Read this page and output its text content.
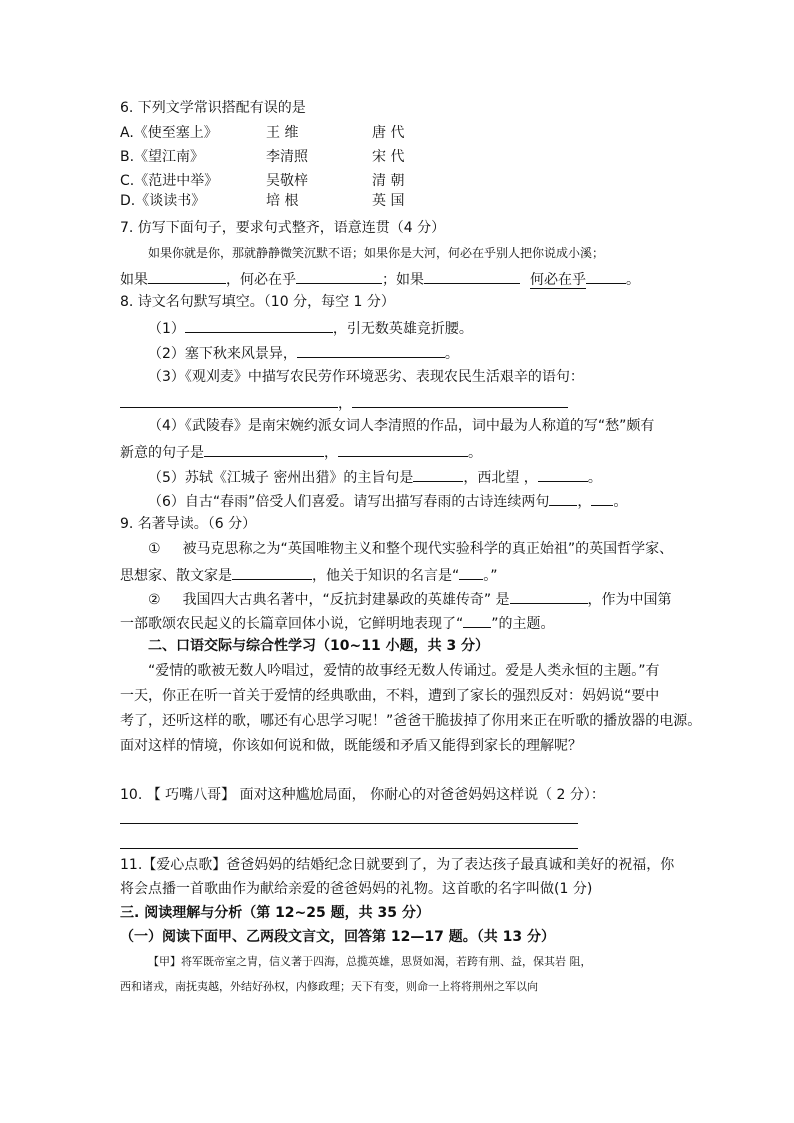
6. 下列文学常识搭配有误的是
A.《使至塞上》	王 维	唐 代
B.《望江南》	李清照	宋 代
C.《范进中举》	吴敬梓	清 朝
D.《谈读书》	培 根	英 国
7. 仿写下面句子，要求句式整齐，语意连贯（4 分）
如果你就是你，那就静静微笑沉默不语；如果你是大河，何必在乎别人把你说成小溪；
如果	，何必在乎	；如果	何必在乎	。
8. 诗文名句默写填空。（10 分，每空 1 分）
（1）	，引无数英雄竞折腰。
（2）塞下秋来风景异，	。
（3）《观刈麦》中描写农民劳作环境恶劣、表现农民生活艰辛的语句：
，
（4）《武陵春》是南宋婉约派女词人李清照的作品，词中最为人称道的写“愁”颇有
新意的句子是	，	。
（5）苏轼《江城子 密州出猎》的主旨句是	，西北望 ，	。
（6）自古“春雨”倍受人们喜爱。请写出描写春雨的古诗连续两句 ， 。
9. 名著导读。（6 分）
① 被马克思称之为“英国唯物主义和整个现代实验科学的真正始祖”的英国哲学家、
思想家、散文家是	，他关于知识的名言是“ 。”
② 我国四大古典名著中，“反抗封建暴政的英雄传奇” 是	，作为中国第
一部歌颂农民起义的长篇章回体小说，它鲜明地表现了“ ”的主题。
二、口语交际与综合性学习（10~11 小题，共 3 分）
“爱情的歌被无数人吟唱过，爱情的故事经无数人传诵过。爱是人类永恒的主题。”有
一天，你正在听一首关于爱情的经典歌曲，不料，遭到了家长的强烈反对：妈妈说“要中
考了，还听这样的歌，哪还有心思学习呢！”爸爸干脆拔掉了你用来正在听歌的播放器的电源。
面对这样的情境，你该如何说和做，既能缓和矛盾又能得到家长的理解呢？
10. 【 巧嘴八哥】 面对这种尴尬局面， 你耐心的对爸爸妈妈这样说（ 2 分）：
11.【爱心点歌】爸爸妈妈的结婚纪念日就要到了，为了表达孩子最真诚和美好的祝福，你
将会点播一首歌曲作为献给亲爱的爸爸妈妈的礼物。这首歌的名字叫做(1 分)
三. 阅读理解与分析（第 12~25 题，共 35 分）
（一）阅读下面甲、乙两段文言文，回答第 12—17 题。（共 13 分）
【甲】将军既帝室之胄，信义著于四海，总揽英雄，思贤如渴，若跨有荆、益，保其岩 阻，
西和诸戎，南抚夷越，外结好孙权，内修政理；天下有变，则命一上将将荆州之军以向
